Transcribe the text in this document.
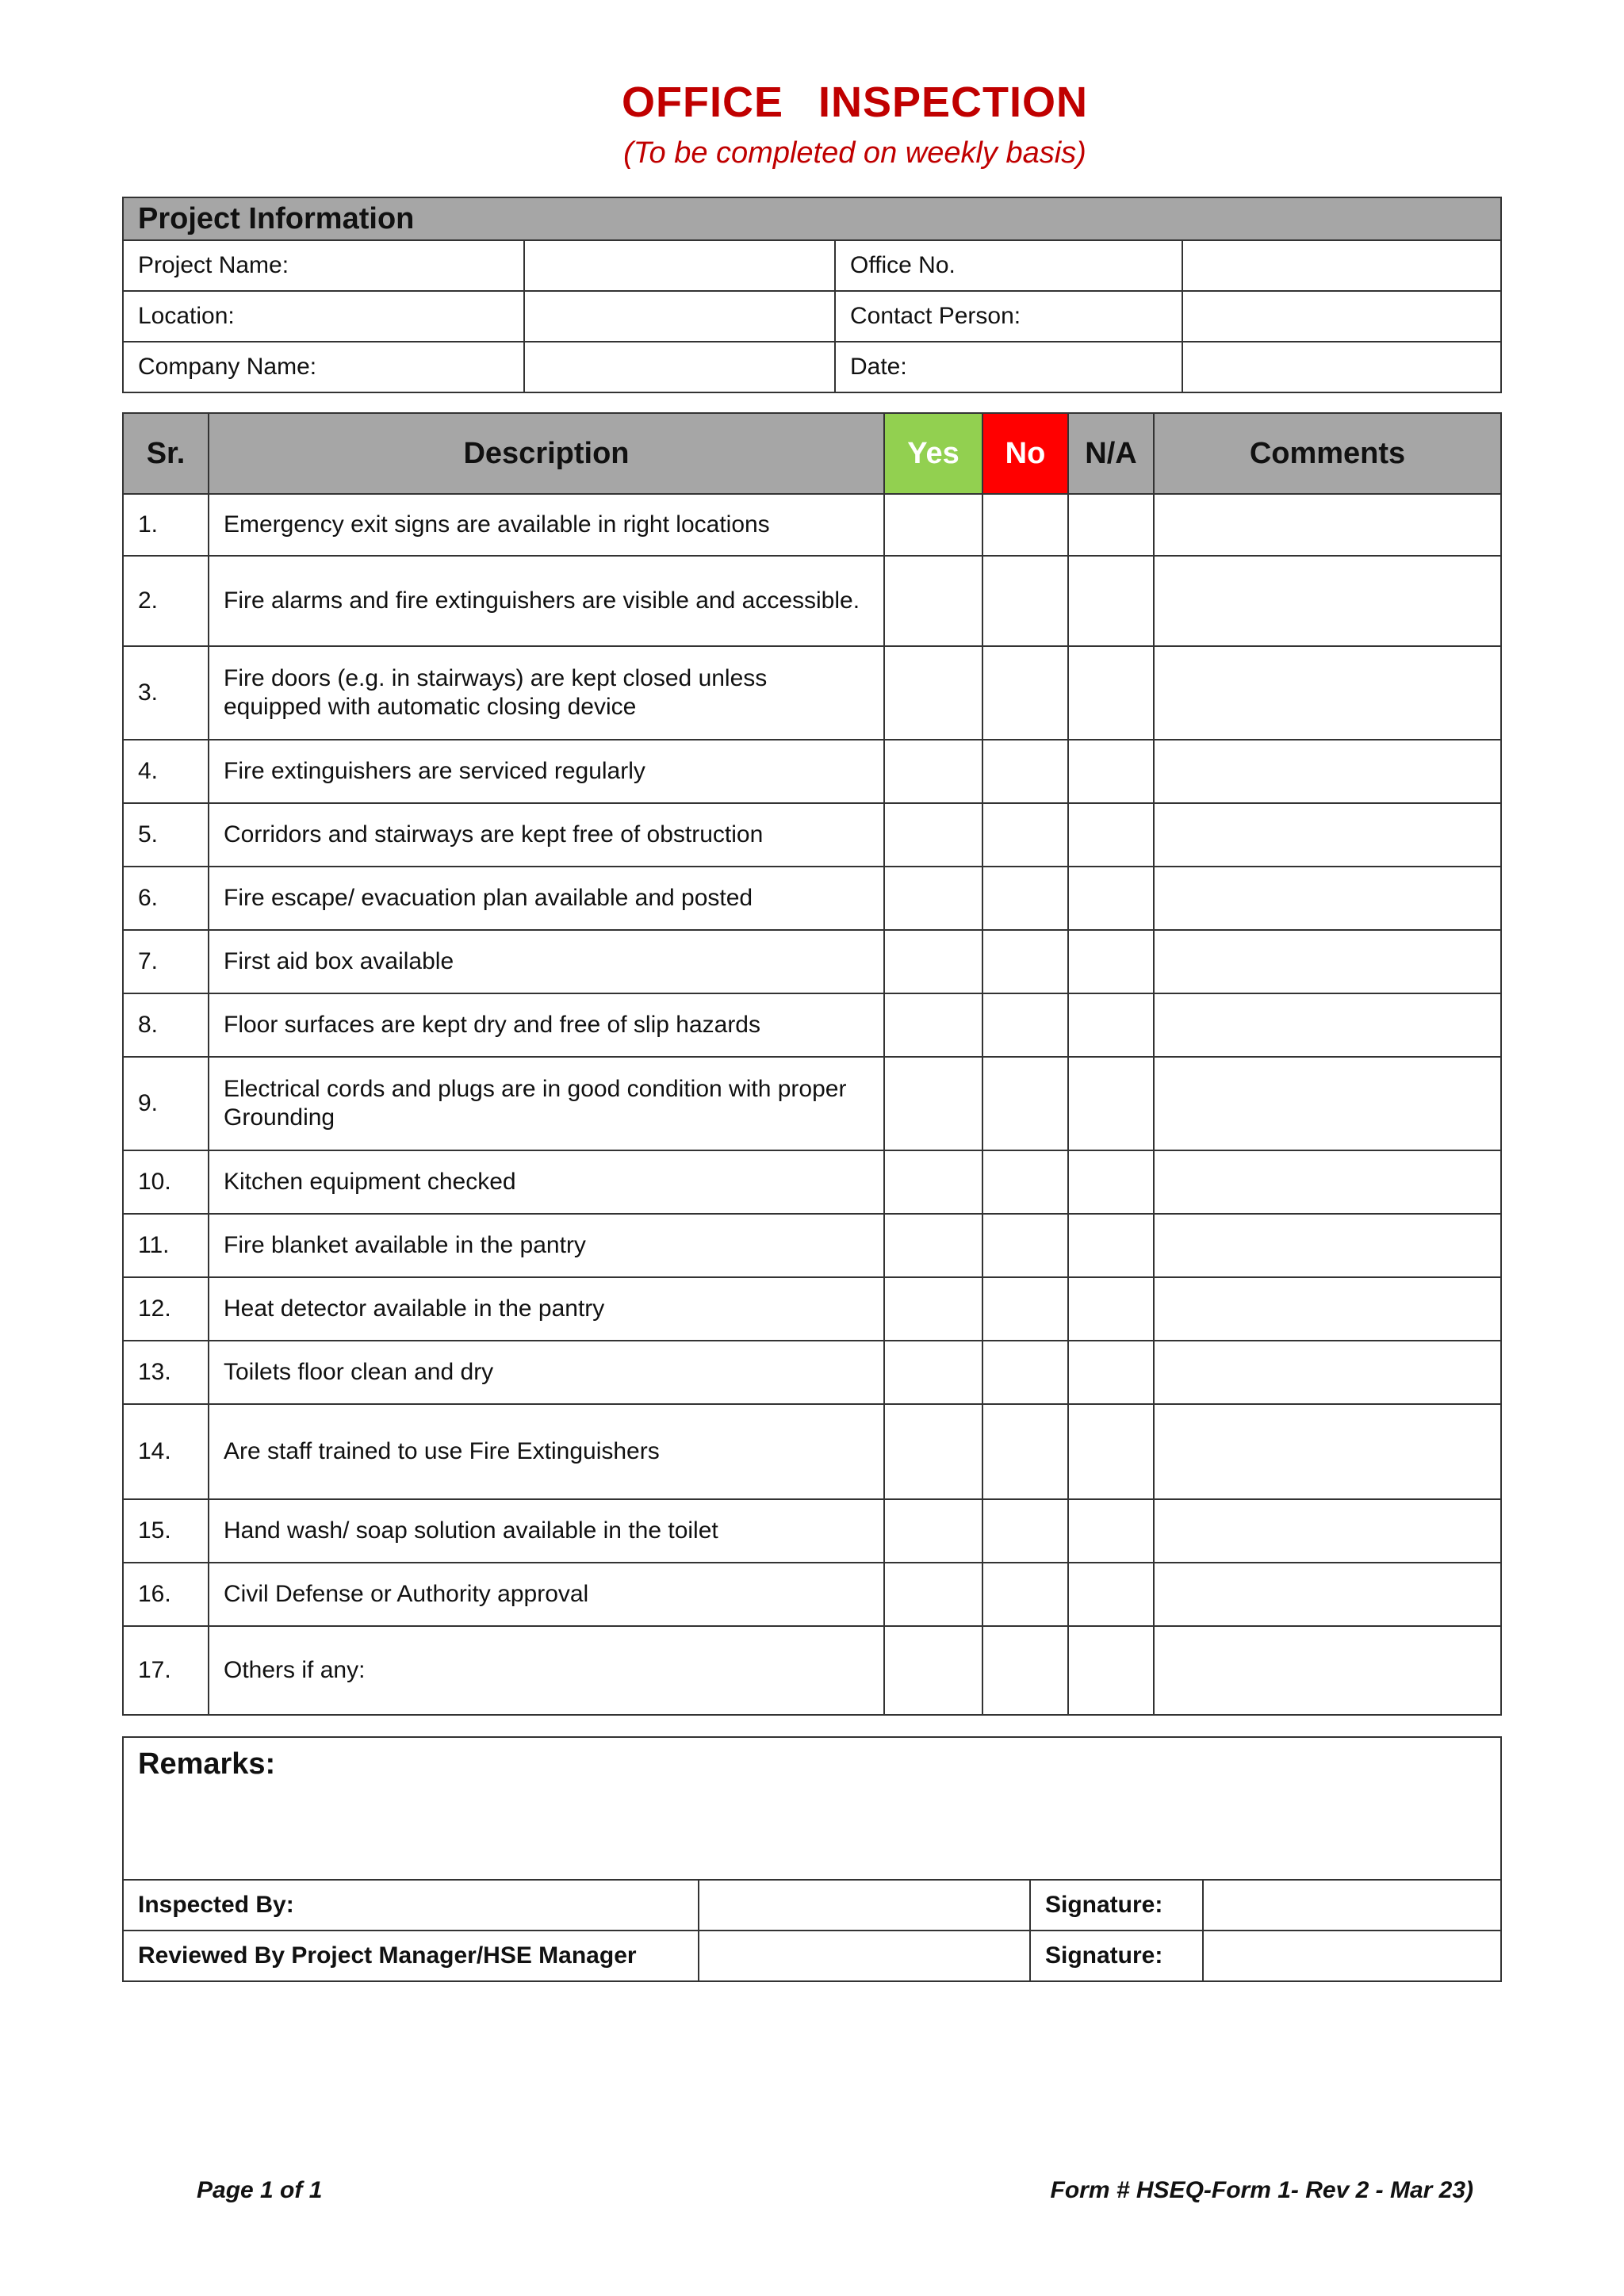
OFFICE INSPECTION
(To be completed on weekly basis)
Project Information			
Project Name:		Office No.	
Location:		Contact Person:	
Company Name:		Date:	
Sr.	Description	Yes	No	N/A	Comments
1.	Emergency exit signs are available in right locations				
2.	Fire alarms and fire extinguishers are visible and accessible.				
3.	Fire doors (e.g. in stairways) are kept closed unless equipped with automatic closing device				
4.	Fire extinguishers are serviced regularly				
5.	Corridors and stairways are kept free of obstruction				
6.	Fire escape/ evacuation plan available and posted				
7.	First aid box available				
8.	Floor surfaces are kept dry and free of slip hazards				
9.	Electrical cords and plugs are in good condition with proper Grounding				
10.	Kitchen equipment checked				
11.	Fire blanket available in the pantry				
12.	Heat detector available in the pantry				
13.	Toilets floor clean and dry				
14.	Are staff trained to use Fire Extinguishers				
15.	Hand wash/ soap solution available in the toilet				
16.	Civil Defense or Authority approval				
17.	Others if any:				
Remarks:			
Inspected By:		Signature:	
Reviewed By Project Manager/HSE Manager		Signature:	
Page 1 of 1	Form # HSEQ-Form 1- Rev 2 - Mar 23)
